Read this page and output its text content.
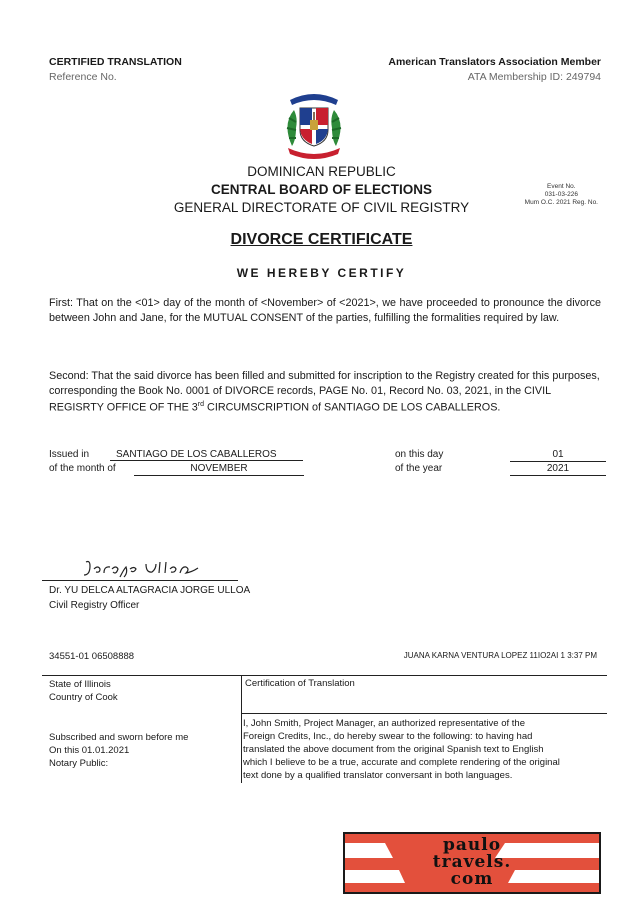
CERTIFIED TRANSLATION
Reference No.
American Translators Association Member
ATA Membership ID: 249794
DOMINICAN REPUBLIC
CENTRAL BOARD OF ELECTIONS
GENERAL DIRECTORATE OF CIVIL REGISTRY
Event No.
031-03-226
Mum O.C. 2021 Reg. No.
DIVORCE CERTIFICATE
WE HEREBY CERTIFY
First: That on the <01> day of the month of <November> of <2021>, we have proceeded to pronounce the divorce between John and Jane, for the MUTUAL CONSENT of the parties, fulfilling the formalities required by law.
Second: That the said divorce has been filled and submitted for inscription to the Registry created for this purposes, corresponding the Book No. 0001 of DIVORCE records, PAGE No. 01, Record No. 03, 2021, in the CIVIL REGISRTY OFFICE OF THE 3rd CIRCUMSCRIPTION of SANTIAGO DE LOS CABALLEROS.
Issued in	SANTIAGO DE LOS CABALLEROS
of the month of	NOVEMBER
on this day	01
of the year	2021
Dr. YU DELCA ALTAGRACIA JORGE ULLOA
Civil Registry Officer
34551-01 06508888	JUANA KARNA VENTURA LOPEZ 11IO2AI 1 3:37 PM
State of Illinois
Country of Cook
Subscribed and sworn before me
On this 01.01.2021
Notary Public:
Certification of Translation
I, John Smith, Project Manager, an authorized representative of the
Foreign Credits, Inc., do hereby swear to the following: to having had
translated the above document from the original Spanish text to English
which I believe to be a true, accurate and complete rendering of the original
text done by a qualified translator conversant in both languages.
paulo
travels.
com
